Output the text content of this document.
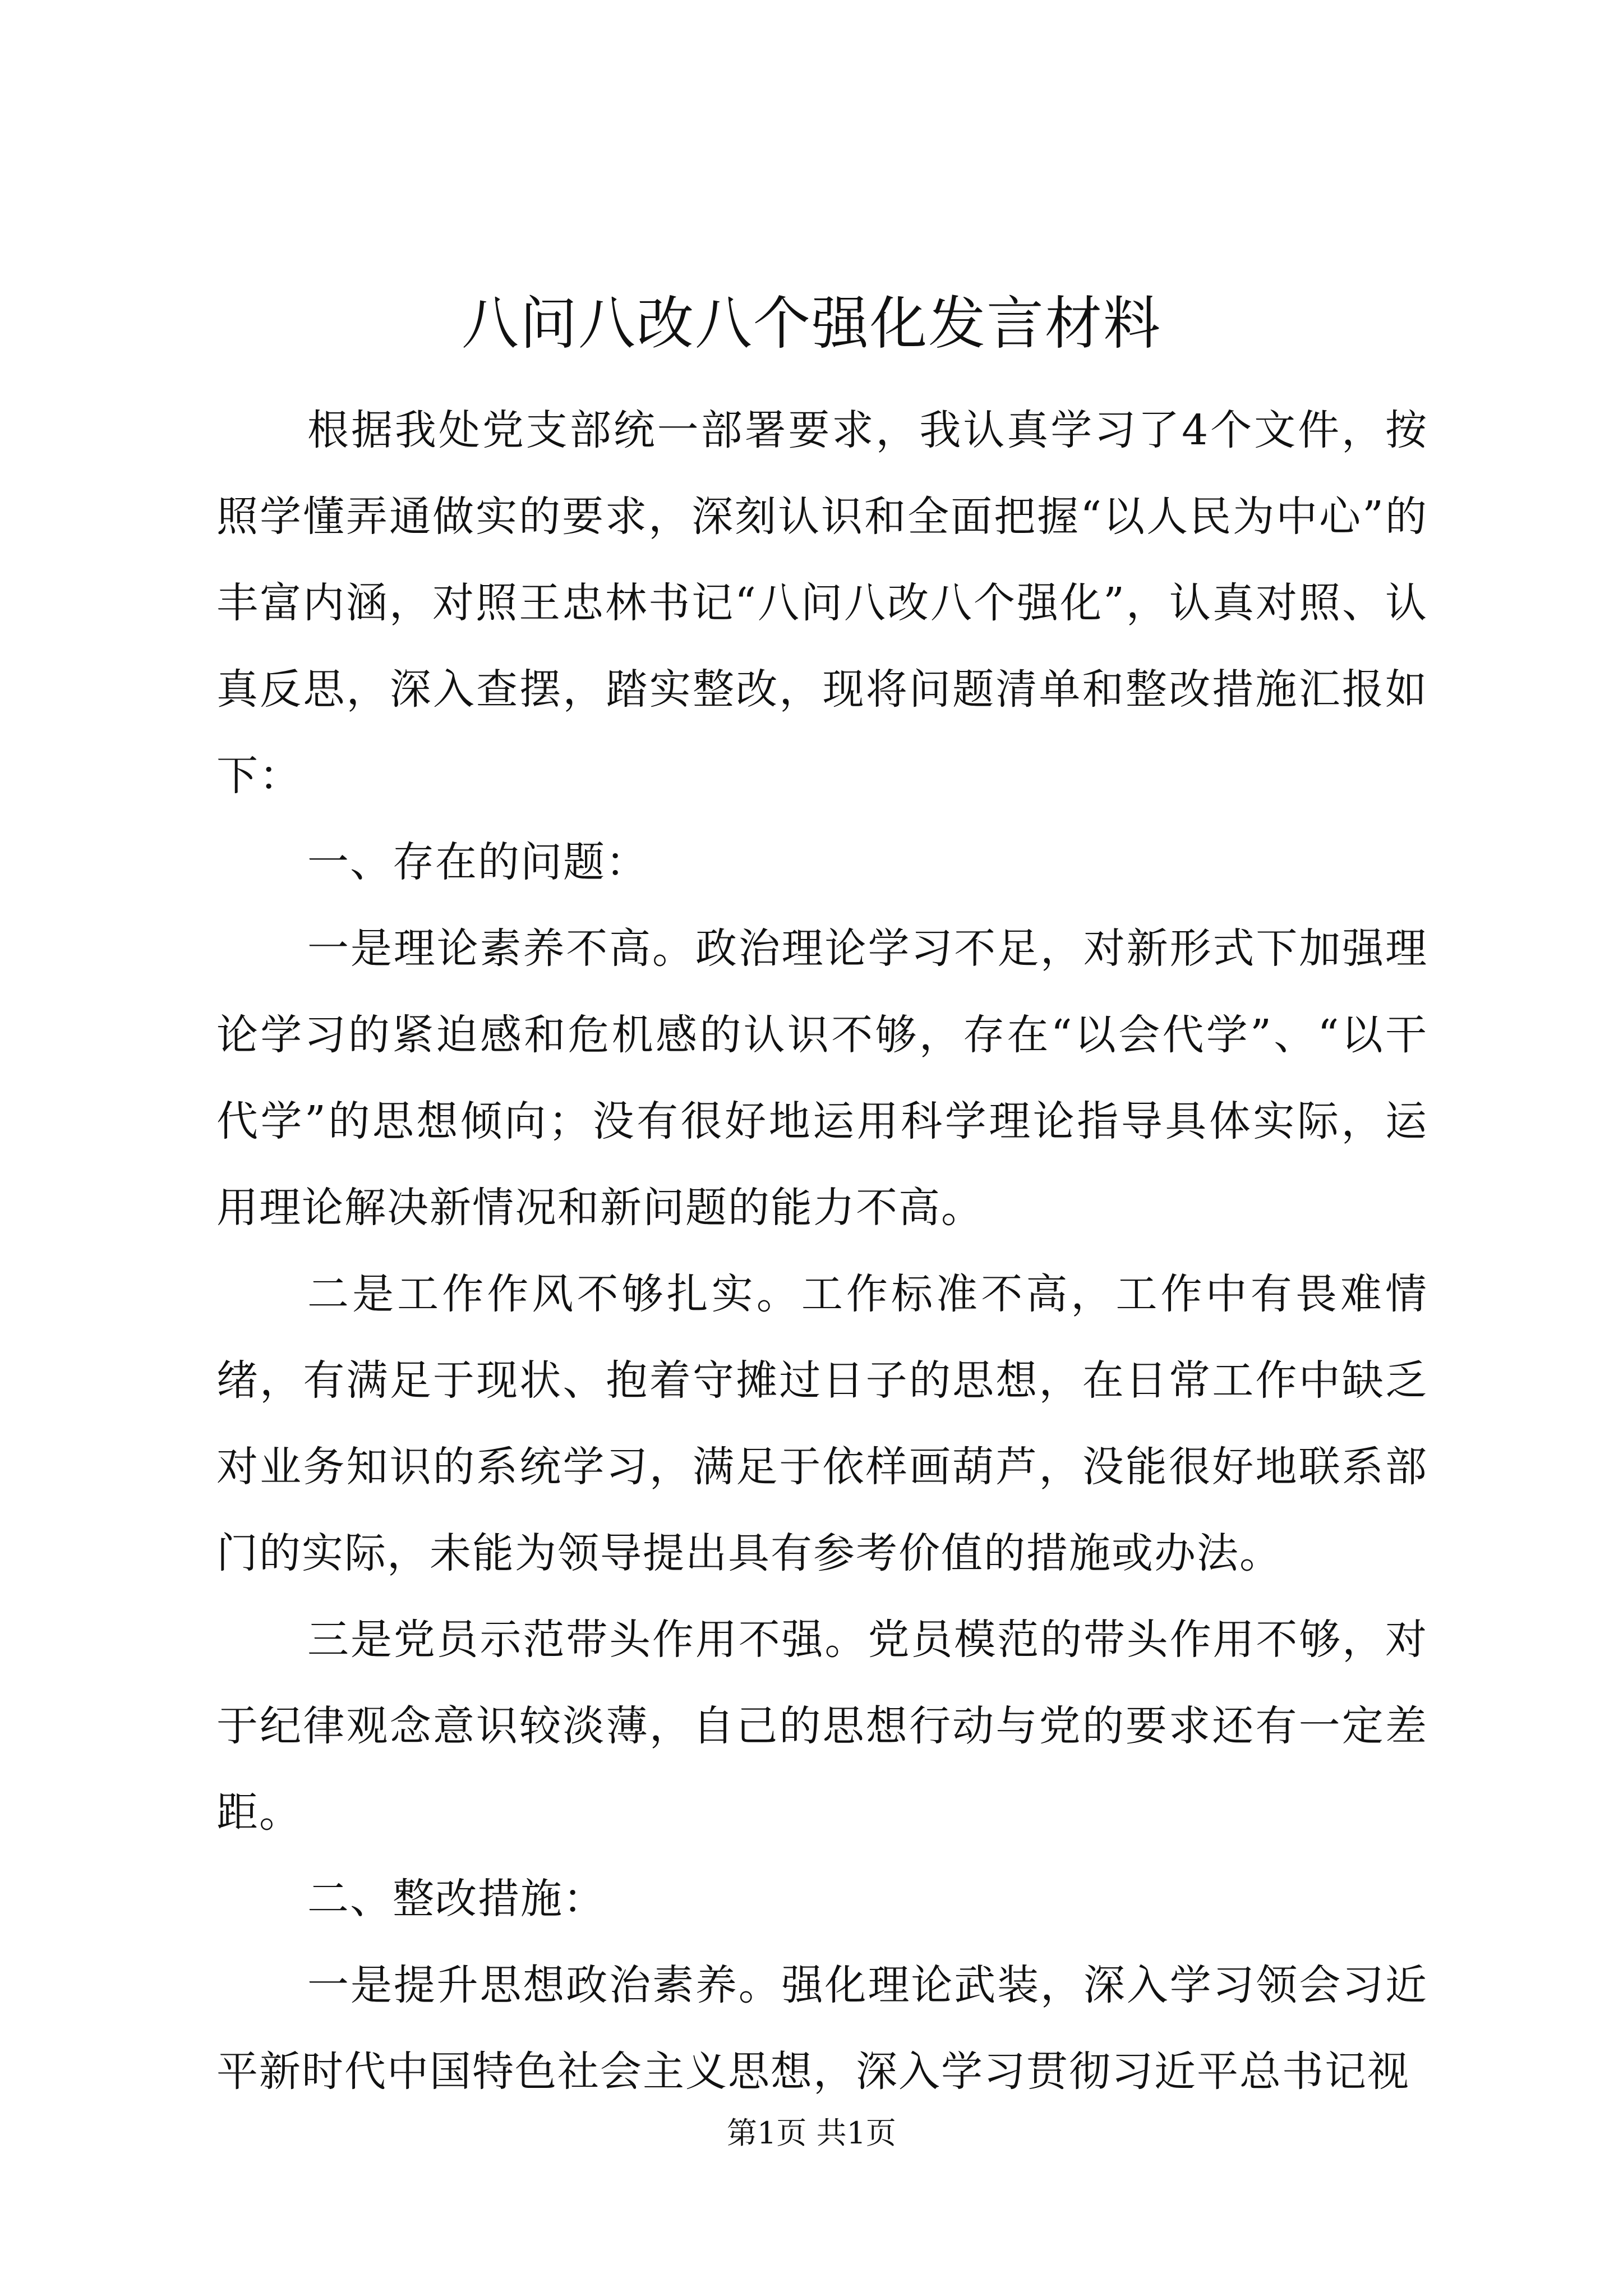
八问八改八个强化发言材料

根据我处党支部统一部署要求，我认真学习了4个文件，按照学懂弄通做实的要求，深刻认识和全面把握“以人民为中心”的丰富内涵，对照王忠林书记“八问八改八个强化”，认真对照、认真反思，深入查摆，踏实整改，现将问题清单和整改措施汇报如下：

一、存在的问题：

一是理论素养不高。政治理论学习不足，对新形式下加强理论学习的紧迫感和危机感的认识不够，存在“以会代学”、“以干代学”的思想倾向；没有很好地运用科学理论指导具体实际，运用理论解决新情况和新问题的能力不高。

二是工作作风不够扎实。工作标准不高，工作中有畏难情绪，有满足于现状、抱着守摊过日子的思想，在日常工作中缺乏对业务知识的系统学习，满足于依样画葫芦，没能很好地联系部门的实际，未能为领导提出具有参考价值的措施或办法。

三是党员示范带头作用不强。党员模范的带头作用不够，对于纪律观念意识较淡薄，自己的思想行动与党的要求还有一定差距。

二、整改措施：

一是提升思想政治素养。强化理论武装，深入学习领会习近平新时代中国特色社会主义思想，深入学习贯彻习近平总书记视

第1页 共1页
